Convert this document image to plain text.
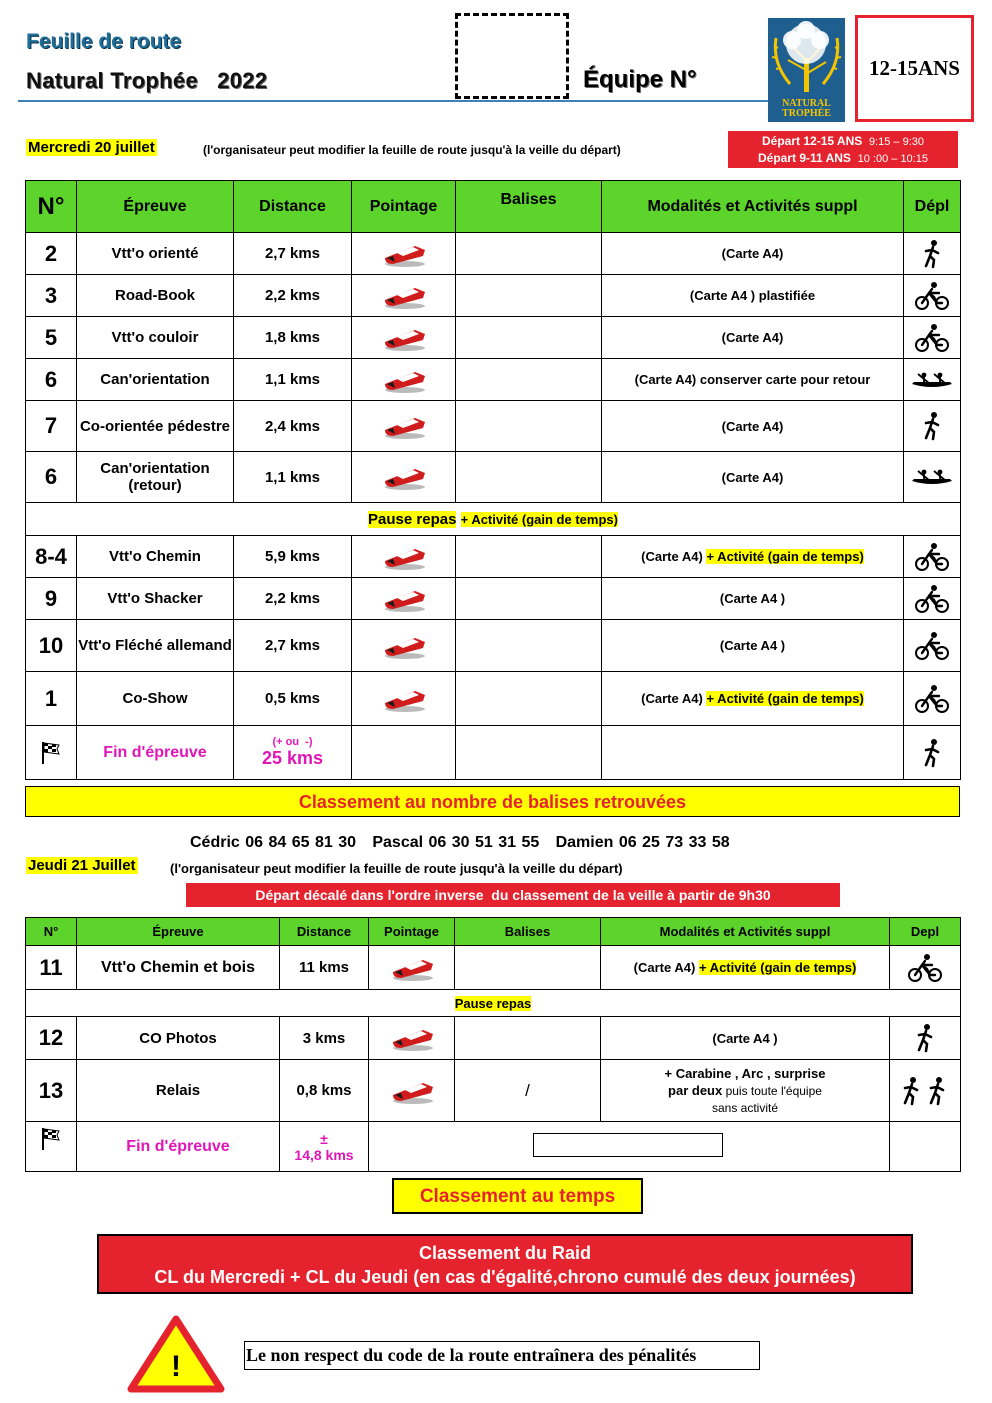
Feuille de route
Natural Trophée   2022	Équipe N°
NATURAL
TROPHÉE
12-15ANS
Mercredi 20 juillet	(l'organisateur peut modifier la feuille de route jusqu'à la veille du départ)
Départ 12-15 ANS 9:15 – 9:30
Départ 9-11 ANS 10 :00 – 10:15
N°	Épreuve	Distance	Pointage	Balises	Modalités et Activités suppl	Dépl
2	Vtt'o orienté	2,7 kms			(Carte A4)	

3	Road-Book	2,2 kms			(Carte A4 ) plastifiée	

5	Vtt'o couloir	1,8 kms			(Carte A4)	

6	Can'orientation	1,1 kms			(Carte A4) conserver carte pour retour	

7	Co-orientée pédestre	2,4 kms			(Carte A4)	

6	Can'orientation (retour)	1,1 kms			(Carte A4)	

Pause repas + Activité (gain de temps)						
8-4	Vtt'o Chemin	5,9 kms			(Carte A4) + Activité (gain de temps)	

9	Vtt'o Shacker	2,2 kms			(Carte A4 )	

10	Vtt'o Fléché allemand	2,7 kms			(Carte A4 )	

1	Co-Show	0,5 kms			(Carte A4) + Activité (gain de temps)	

	Fin d'épreuve	(+ ou  -)
25 kms

Classement au nombre de balises retrouvées
Cédric 06 84 65 81 30   Pascal 06 30 51 31 55   Damien 06 25 73 33 58
Jeudi 21 Juillet	(l'organisateur peut modifier la feuille de route jusqu'à la veille du départ)
Départ décalé dans l'ordre inverse  du classement de la veille à partir de 9h30
N°	Épreuve	Distance	Pointage	Balises	Modalités et Activités suppl	Depl
11	Vtt'o Chemin et bois	11 kms			(Carte A4) + Activité (gain de temps)	

Pause repas						
12	CO Photos	3 kms			(Carte A4 )	

13	Relais	0,8 kms		/	+ Carabine , Arc , surprise
par deux puis toute l'équipe
sans activité

	Fin d'épreuve	±
14,8 kms				

Classement au temps
Classement du Raid
CL du Mercredi + CL du Jeudi (en cas d'égalité,chrono cumulé des deux journées)
!	Le non respect du code de la route entraînera des pénalités
